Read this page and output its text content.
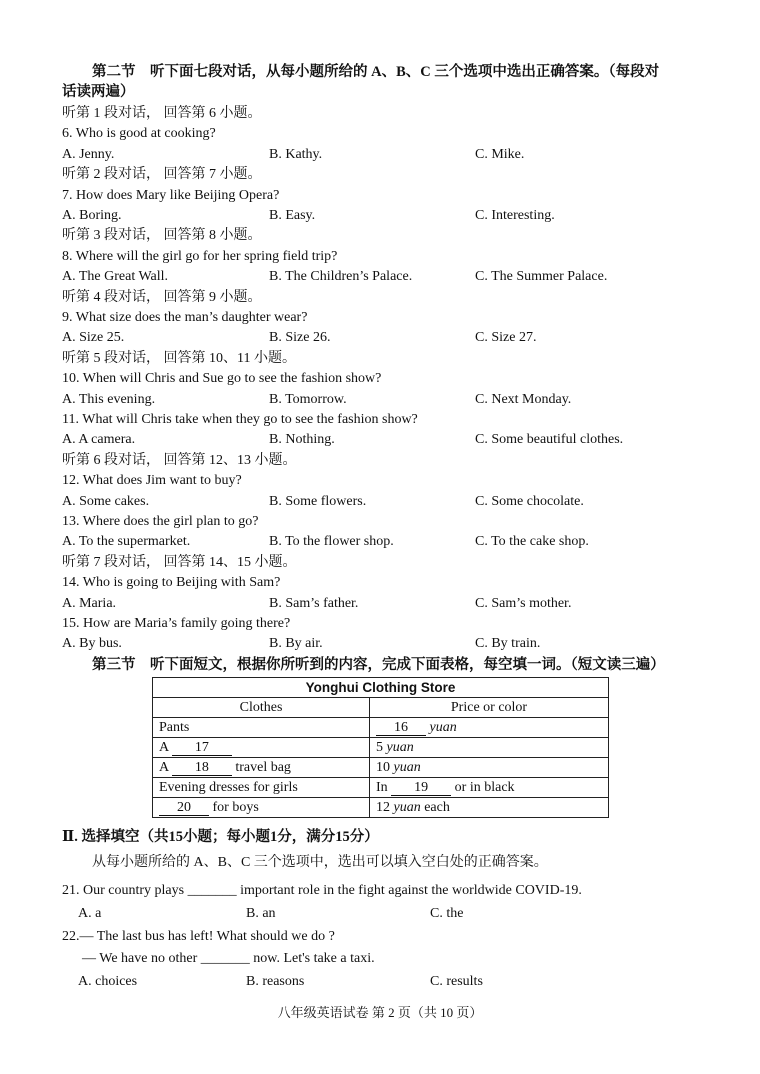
第二节　听下面七段对话，从每小题所给的 A、B、C 三个选项中选出正确答案。（每段对
话读两遍）
听第 1 段对话， 回答第 6 小题。
6. Who is good at cooking?
A. Jenny.	B. Kathy.	C. Mike.
听第 2 段对话， 回答第 7 小题。
7. How does Mary like Beijing Opera?
A. Boring.	B. Easy.	C. Interesting.
听第 3 段对话， 回答第 8 小题。
8. Where will the girl go for her spring field trip?
A. The Great Wall.	B. The Children’s Palace.	C. The Summer Palace.
听第 4 段对话， 回答第 9 小题。
9. What size does the man’s daughter wear?
A. Size 25.	B. Size 26.	C. Size 27.
听第 5 段对话， 回答第 10、11 小题。
10. When will Chris and Sue go to see the fashion show?
A. This evening.	B. Tomorrow.	C. Next Monday.
11. What will Chris take when they go to see the fashion show?
A. A camera.	B. Nothing.	C. Some beautiful clothes.
听第 6 段对话， 回答第 12、13 小题。
12. What does Jim want to buy?
A. Some cakes.	B. Some flowers.	C. Some chocolate.
13. Where does the girl plan to go?
A. To the supermarket.	B. To the flower shop.	C. To the cake shop.
听第 7 段对话， 回答第 14、15 小题。
14. Who is going to Beijing with Sam?
A. Maria.	B. Sam’s father.	C. Sam’s mother.
15. How are Maria’s family going there?
A. By bus.	B. By air.	C. By train.
第三节　听下面短文，根据你所听到的内容，完成下面表格，每空填一词。（短文读三遍）
Yonghui Clothing Store	
Clothes	Price or color
Pants	16 yuan
A 17	5 yuan
A 18 travel bag	10 yuan
Evening dresses for girls	In 19 or in black
20 for boys	12 yuan each
Ⅱ. 选择填空（共15小题；每小题1分，满分15分）
从每小题所给的 A、B、C 三个选项中，选出可以填入空白处的正确答案。
21. Our country plays _______ important role in the fight against the worldwide COVID-19.
A. a	B. an	C. the
22.— The last bus has left! What should we do ?
— We have no other _______ now. Let's take a taxi.
A. choices	B. reasons	C. results
八年级英语试卷 第 2 页（共 10 页）
